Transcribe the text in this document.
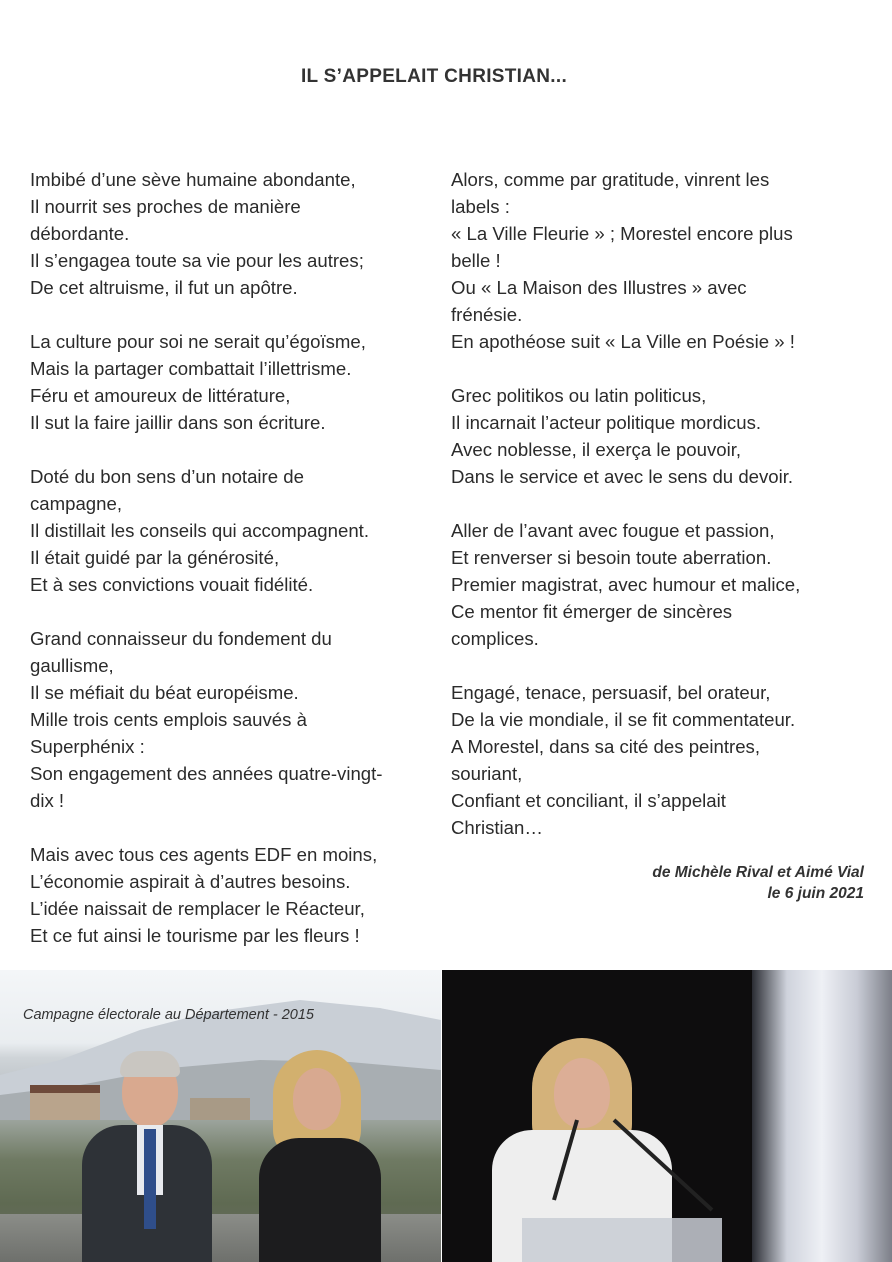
IL S’APPELAIT CHRISTIAN...
Imbibé d’une sève humaine abondante,
Il nourrit ses proches de manière
débordante.
Il s’engagea toute sa vie pour les autres;
De cet altruisme, il fut un apôtre.
La culture pour soi ne serait qu’égoïsme,
Mais la partager combattait l’illettrisme.
Féru et amoureux de littérature,
Il sut la faire jaillir dans son écriture.
Doté du bon sens d’un notaire de
campagne,
Il distillait les conseils qui accompagnent.
Il était guidé par la générosité,
Et à ses convictions vouait fidélité.
Grand connaisseur du fondement du
gaullisme,
Il se méfiait du béat européisme.
Mille trois cents emplois sauvés à
Superphénix :
Son engagement des années quatre-vingt-
dix !
Mais avec tous ces agents EDF en moins,
L’économie aspirait à d’autres besoins.
L’idée naissait de remplacer le Réacteur,
Et ce fut ainsi le tourisme par les fleurs !
Alors, comme par gratitude, vinrent les
labels :
« La Ville Fleurie » ; Morestel encore plus
belle !
Ou « La Maison des Illustres » avec
frénésie.
En apothéose suit « La Ville en Poésie » !
Grec politikos ou latin politicus,
Il incarnait l’acteur politique mordicus.
Avec noblesse, il exerça le pouvoir,
Dans le service et avec le sens du devoir.
Aller de l’avant avec fougue et passion,
Et renverser si besoin toute aberration.
Premier magistrat, avec humour et malice,
Ce mentor fit émerger de sincères
complices.
Engagé, tenace, persuasif, bel orateur,
De la vie mondiale, il se fit commentateur.
A Morestel, dans sa cité des peintres,
souriant,
Confiant et conciliant, il s’appelait
Christian…
de Michèle Rival et Aimé Vial
le 6 juin 2021
Campagne électorale au Département - 2015
